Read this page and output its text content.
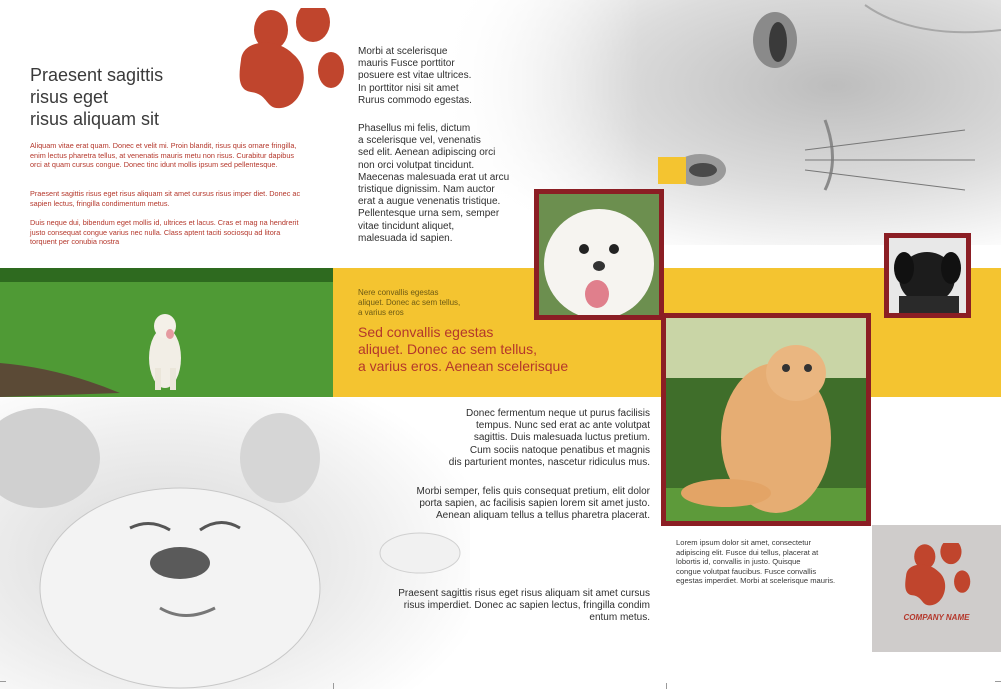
COMPANY NAME
Praesent sagittis
risus eget
risus aliquam sit
Aliquam vitae erat quam. Donec et velit mi. Proin blandit, risus quis ornare fringilla, enim lectus pharetra tellus, at venenatis mauris metu non risus. Curabitur dapibus orci at quam cursus congue. Donec tinc idunt mollis ipsum sed pellentesque.
Praesent sagittis risus eget risus aliquam sit amet cursus risus imper diet. Donec ac sapien lectus, fringilla condimentum metus.
Duis neque dui, bibendum eget mollis id, ultrices et lacus. Cras et mag na hendrerit justo consequat congue varius nec nulla. Class aptent taciti sociosqu ad litora torquent per conubia nostra
Morbi at scelerisque
mauris Fusce porttitor
posuere est vitae ultrices.
In porttitor nisi sit amet
Rurus commodo egestas.
Phasellus mi felis, dictum
a scelerisque vel, venenatis
sed elit. Aenean adipiscing orci
non orci volutpat tincidunt.
Maecenas malesuada erat ut arcu
tristique dignissim. Nam auctor
erat a augue venenatis tristique.
Pellentesque urna sem, semper
vitae tincidunt aliquet,
malesuada id sapien.
Nere convallis egestas
aliquet. Donec ac sem tellus,
a varius eros
Sed convallis egestas
aliquet. Donec ac sem tellus,
a varius eros. Aenean scelerisque
Donec fermentum neque ut purus facilisis
tempus. Nunc sed erat ac ante volutpat
sagittis. Duis malesuada luctus pretium.
Cum sociis natoque penatibus et magnis
dis parturient montes, nascetur ridiculus mus.
Morbi semper, felis quis consequat pretium, elit dolor
porta sapien, ac facilisis sapien lorem sit amet justo.
Aenean aliquam tellus a tellus pharetra placerat.
Praesent sagittis risus eget risus aliquam sit amet cursus
risus imperdiet. Donec ac sapien lectus, fringilla condim
entum metus.
Lorem ipsum dolor sit amet, consectetur
adipiscing elit. Fusce dui tellus, placerat at
lobortis id, convallis in justo. Quisque
congue volutpat faucibus. Fusce convallis
egestas imperdiet. Morbi at scelerisque mauris.
